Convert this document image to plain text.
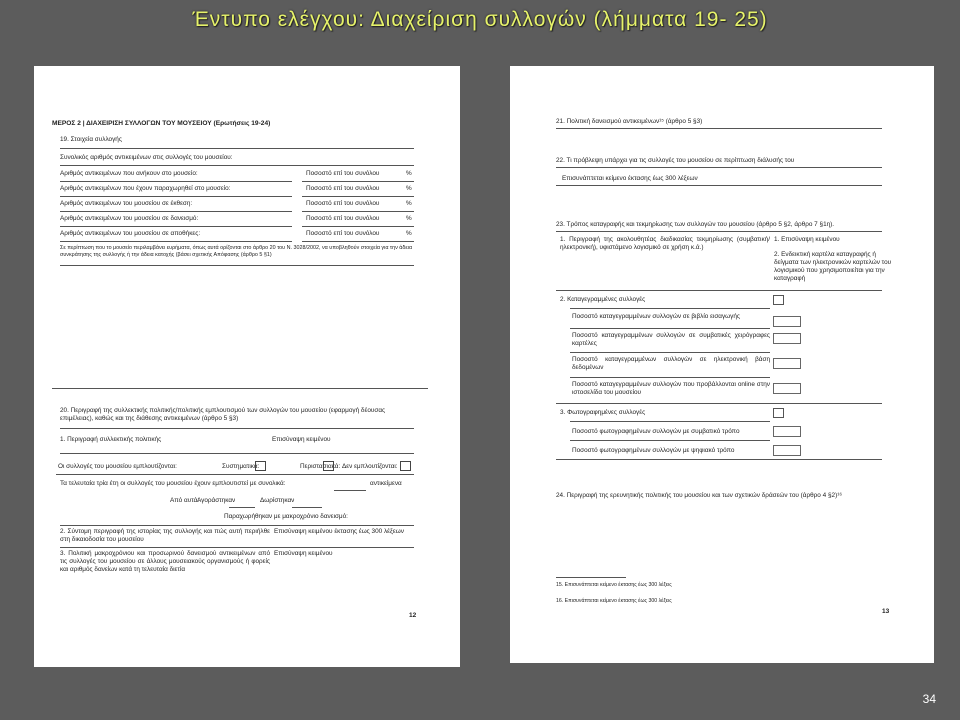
Έντυπο ελέγχου: Διαχείριση συλλογών (λήμματα 19- 25)
ΜΕΡΟΣ 2 | ΔΙΑΧΕΙΡΙΣΗ ΣΥΛΛΟΓΩΝ ΤΟΥ ΜΟΥΣΕΙΟΥ (Ερωτήσεις 19-24)
19. Στοιχεία συλλογής
Συνολικός αριθμός αντικειμένων στις συλλογές του μουσείου:
Αριθμός αντικειμένων που ανήκουν στο μουσείο:	Ποσοστό επί του συνόλου	%
Αριθμός αντικειμένων που έχουν παραχωρηθεί στο μουσείο:	Ποσοστό επί του συνόλου	%
Αριθμός αντικειμένων του μουσείου σε έκθεση:	Ποσοστό επί του συνόλου	%
Αριθμός αντικειμένων του μουσείου σε δανεισμό:	Ποσοστό επί του συνόλου	%
Αριθμός αντικειμένων του μουσείου σε αποθήκες:	Ποσοστό επί του συνόλου	%
Σε περίπτωση που το μουσείο περιλαμβάνει ευρήματα, όπως αυτά ορίζονται στο άρθρο 20 του Ν. 3028/2002, να υποβληθούν στοιχεία για την άδεια συνκράτησης της συλλογής ή την άδεια κατοχής (βάσει σχετικής Απόφασης (άρθρο 5 §1)
20. Περιγραφή της συλλεκτικής πολιτικής/πολιτικής εμπλουτισμού των συλλογών του μουσείου (εφαρμογή δέουσας επιμέλειας), καθώς και της διάθεσης αντικειμένων (άρθρο 5 §3)
1. Περιγραφή συλλεκτικής πολιτικής	Επισύναψη κειμένου
Οι συλλογές του μουσείου εμπλουτίζονται:	Συστηματικά:	Περιστασιακά: Δεν εμπλουτίζονται:
Τα τελευταία τρία έτη οι συλλογές του μουσείου έχουν εμπλουτιστεί με συνολικά:	αντικείμενα
Από αυτά:
Αγοράστηκαν	Δωρίστηκαν
Παραχωρήθηκαν με μακροχρόνιο δανεισμό:
2. Σύντομη περιγραφή της ιστορίας της συλλογής και πώς αυτή περιήλθε στη δικαιοδοσία του μουσείου
Επισύναψη κειμένου έκτασης έως 300 λέξεων
3. Πολιτική μακροχρόνιου και προσωρινού δανεισμού αντικειμένων από τις συλλογές του μουσείου σε άλλους μουσειακούς οργανισμούς ή φορείς και αριθμός δανείων κατά τη τελευταία διετία
Επισύναψη κειμένου
12
21. Πολιτική δανεισμού αντικειμένων¹⁵ (άρθρο 5 §3)
22. Τι πρόβλεψη υπάρχει για τις συλλογές του μουσείου σε περίπτωση διάλυσής του
Επισυνάπτεται κείμενο έκτασης έως 300 λέξεων
23. Τρόπος καταγραφής και τεκμηρίωσης των συλλογών του μουσείου (άρθρο 5 §2, άρθρο 7 §1η).
1. Περιγραφή της ακολουθητέας διαδικασίας τεκμηρίωσης (συμβατική/ηλεκτρονική), υφιστάμενο λογισμικό σε χρήση κ.ά.)
1. Επισύναψη κειμένου
2. Ενδεικτική καρτέλα καταγραφής ή δείγματα των ηλεκτρονικών καρτελών του λογισμικού που χρησιμοποιείται για την καταγραφή
2. Καταγεγραμμένες συλλογές
Ποσοστό καταγεγραμμένων συλλογών σε βιβλίο εισαγωγής
Ποσοστό καταγεγραμμένων συλλογών σε συμβατικές χειρόγραφες καρτέλες
Ποσοστό καταγεγραμμένων συλλογών σε ηλεκτρονική βάση δεδομένων
Ποσοστό καταγεγραμμένων συλλογών που προβάλλονται online στην ιστοσελίδα του μουσείου
3. Φωτογραφημένες συλλογές
Ποσοστό φωτογραφημένων συλλογών με συμβατικό τρόπο
Ποσοστό φωτογραφημένων συλλογών με ψηφιακό τρόπο
24. Περιγραφή της ερευνητικής πολιτικής του μουσείου και των σχετικών δράσεών του (άρθρο 4 §2)¹⁶
15. Επισυνάπτεται κείμενο έκτασης έως 300 λέξεις
16. Επισυνάπτεται κείμενο έκτασης έως 300 λέξεις
13
34
